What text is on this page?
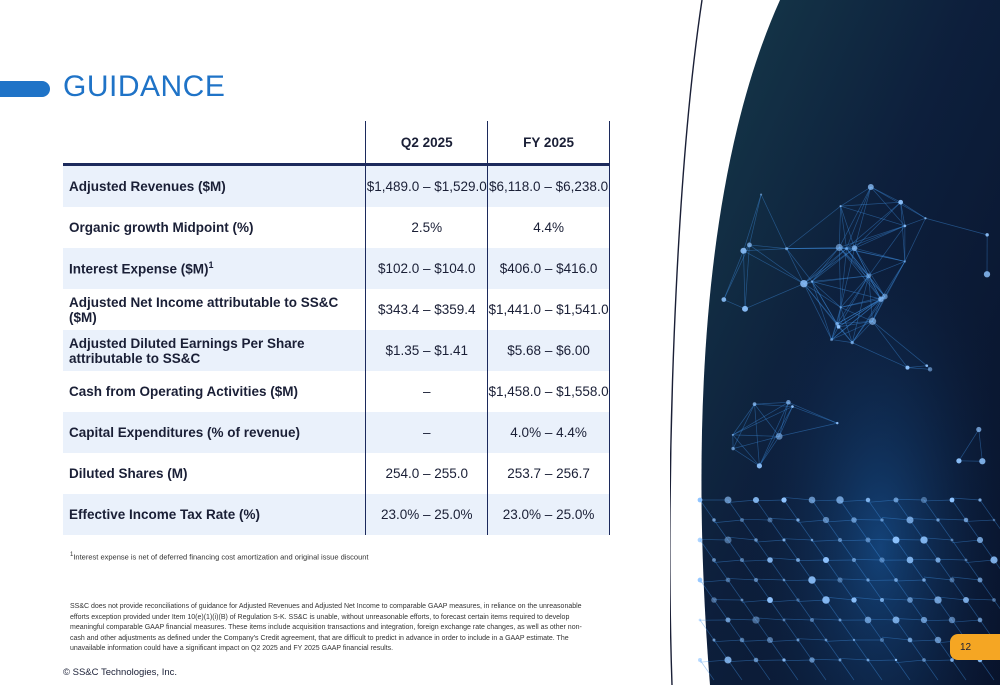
GUIDANCE
	Q2 2025	FY 2025
Adjusted Revenues ($M)	$1,489.0 – $1,529.0	$6,118.0 – $6,238.0
Organic growth Midpoint (%)	2.5%	4.4%
Interest Expense ($M)$^1$	$102.0 – $104.0	$406.0 – $416.0
Adjusted Net Income attributable to SS&C ($M)	$343.4 – $359.4	$1,441.0 – $1,541.0
Adjusted Diluted Earnings Per Share attributable to SS&C	$1.35 – $1.41	$5.68 – $6.00
Cash from Operating Activities ($M)	–	$1,458.0 – $1,558.0
Capital Expenditures (% of revenue)	–	4.0% – 4.4%
Diluted Shares (M)	254.0 – 255.0	253.7 – 256.7
Effective Income Tax Rate (%)	23.0% – 25.0%	23.0% – 25.0%
$^1$Interest expense is net of deferred financing cost amortization and original issue discount
SS&C does not provide reconciliations of guidance for Adjusted Revenues and Adjusted Net Income to comparable GAAP measures, in reliance on the unreasonable efforts exception provided under Item 10(e)(1)(i)(B) of Regulation S-K. SS&C is unable, without unreasonable efforts, to forecast certain items required to develop meaningful comparable GAAP financial measures. These items include acquisition transactions and integration, foreign exchange rate changes, as well as other non-cash and other adjustments as defined under the Company's Credit agreement, that are difficult to predict in advance in order to include in a GAAP estimate. The unavailable information could have a significant impact on Q2 2025 and FY 2025 GAAP financial results.
© SS&C Technologies, Inc.
12
